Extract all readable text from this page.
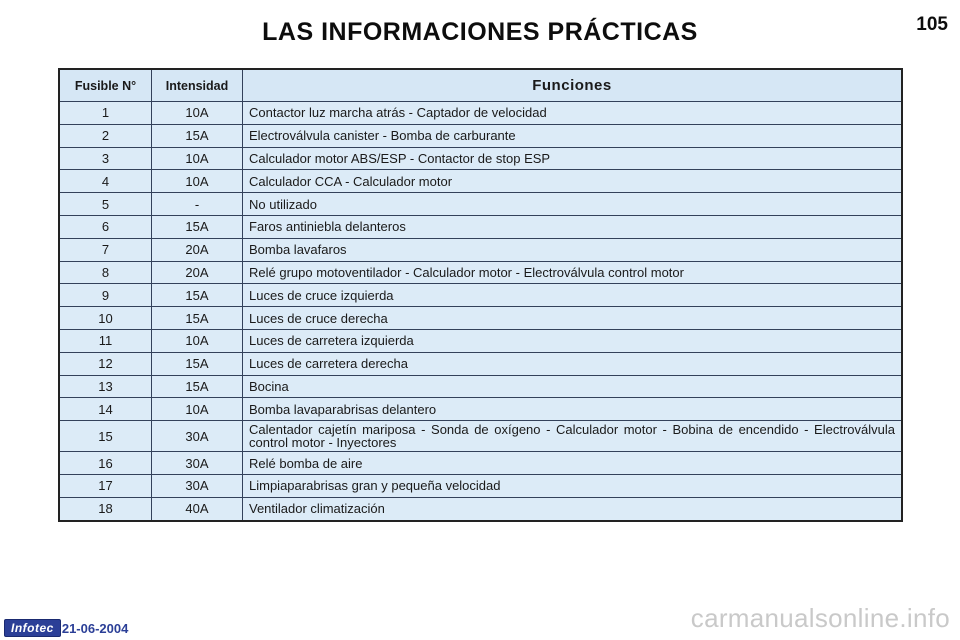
LAS INFORMACIONES PRÁCTICAS	105
Fusible N°	Intensidad	Funciones
1	10A	Contactor luz marcha atrás - Captador de velocidad
2	15A	Electroválvula canister - Bomba de carburante
3	10A	Calculador motor ABS/ESP - Contactor de stop ESP
4	10A	Calculador CCA - Calculador motor
5	-	No utilizado
6	15A	Faros antiniebla delanteros
7	20A	Bomba lavafaros
8	20A	Relé grupo motoventilador - Calculador motor - Electroválvula control motor
9	15A	Luces de cruce izquierda
10	15A	Luces de cruce derecha
11	10A	Luces de carretera izquierda
12	15A	Luces de carretera derecha
13	15A	Bocina
14	10A	Bomba lavaparabrisas delantero
15	30A	Calentador cajetín mariposa - Sonda de oxígeno - Calculador motor - Bobina de encendido - Electroválvula control motor - Inyectores
16	30A	Relé bomba de aire
17	30A	Limpiaparabrisas gran y pequeña velocidad
18	40A	Ventilador climatización
Infotec 21-06-2004	carmanualsonline.info
